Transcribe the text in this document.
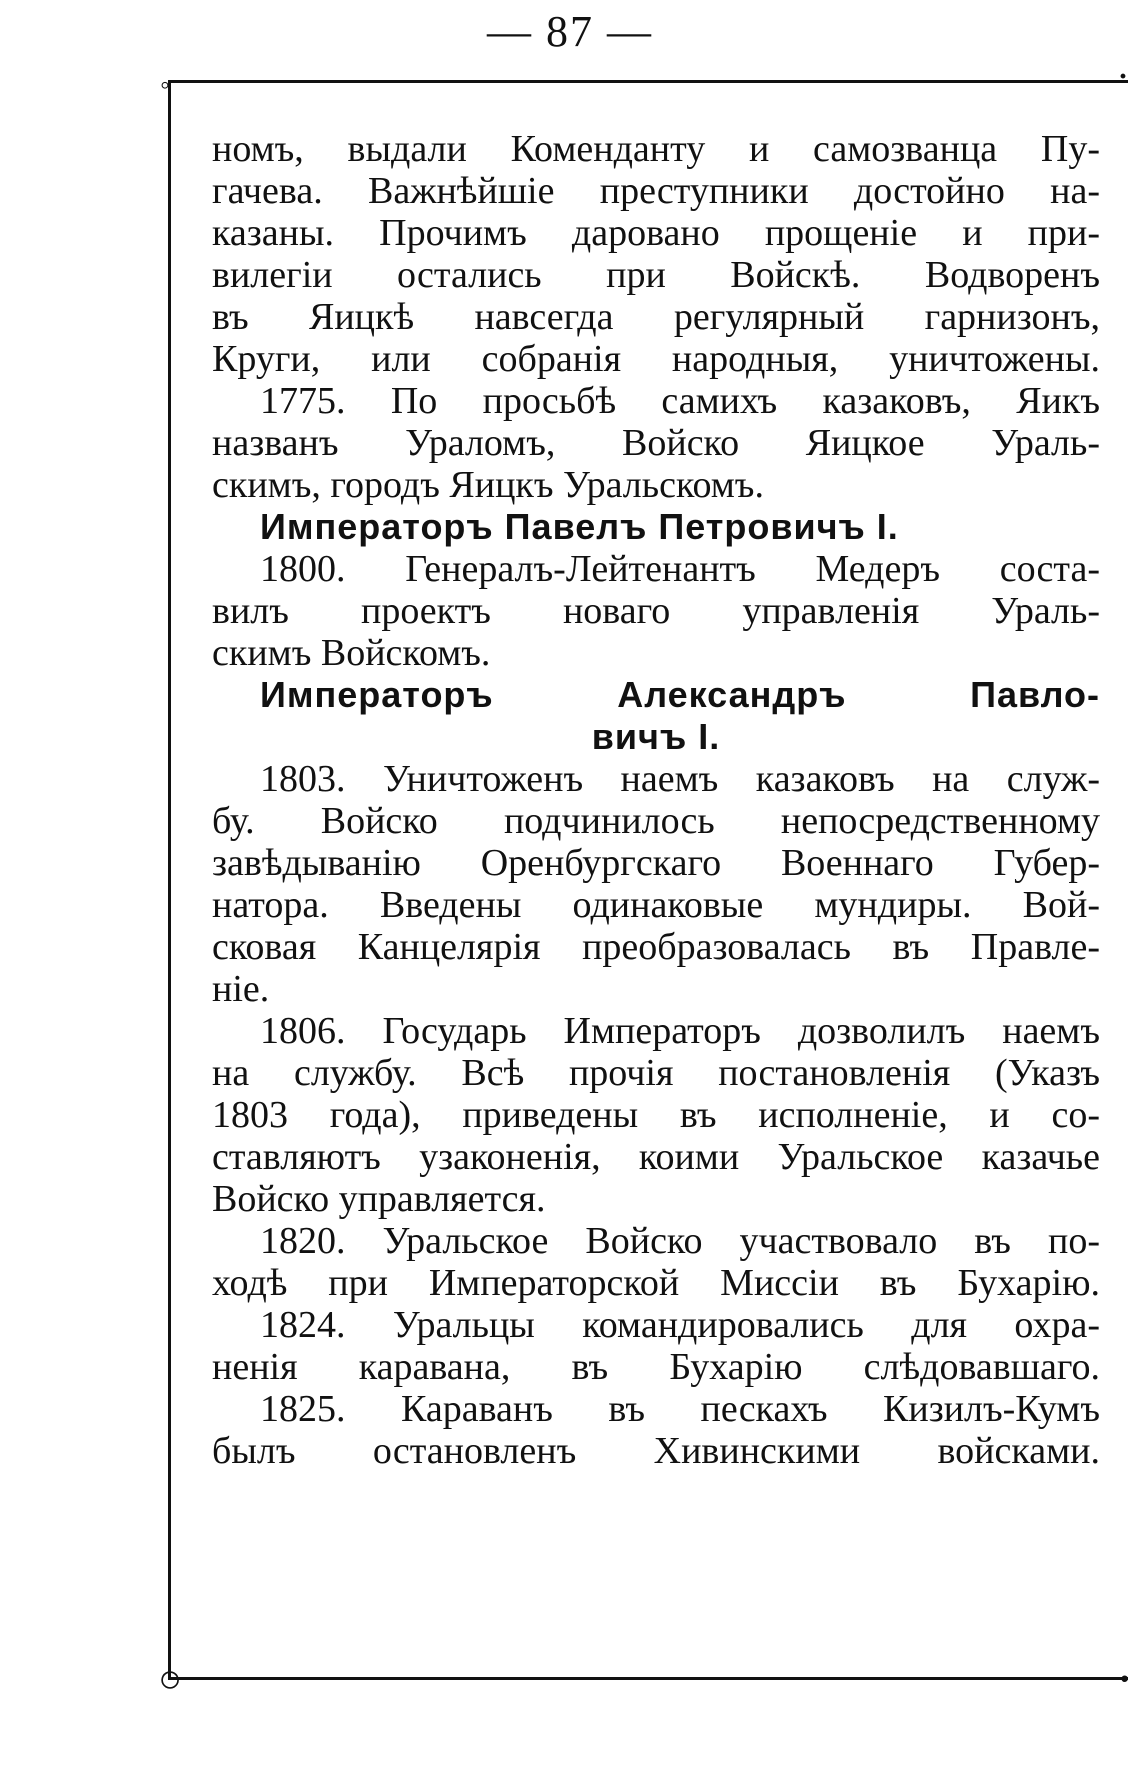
— 87 —
◦	·
○	·
номъ, выдали Коменданту и самозванца Пу-
гачева. Важнѣйшіе преступники достойно на-
казаны. Прочимъ даровано прощеніе и при-
вилегіи остались при Войскѣ. Водворенъ
въ Яицкѣ навсегда регулярный гарнизонъ,
Круги, или собранія народныя, уничтожены.
1775. По просьбѣ самихъ казаковъ, Яикъ
названъ Ураломъ, Войско Яицкое Ураль-
скимъ, городъ Яицкъ Уральскомъ.
Императоръ Павелъ Петровичъ I.
1800. Генералъ-Лейтенантъ Медеръ соста-
вилъ проектъ новаго управленія Ураль-
скимъ Войскомъ.
Императоръ Александръ Павло-
вичъ I.
1803. Уничтоженъ наемъ казаковъ на служ-
бу. Войско подчинилось непосредственному
завѣдыванію Оренбургскаго Военнаго Губер-
натора. Введены одинаковые мундиры. Вой-
сковая Канцелярія преобразовалась въ Правле-
ніе.
1806. Государь Императоръ дозволилъ наемъ
на службу. Всѣ прочія постановленія (Указъ
1803 года), приведены въ исполненіе, и со-
ставляютъ узаконенія, коими Уральское казачье
Войско управляется.
1820. Уральское Войско участвовало въ по-
ходѣ при Императорской Миссіи въ Бухарію.
1824. Уральцы командировались для охра-
ненія каравана, въ Бухарію слѣдовавшаго.
1825. Караванъ въ пескахъ Кизилъ-Кумъ
былъ остановленъ Хивинскими войсками.
